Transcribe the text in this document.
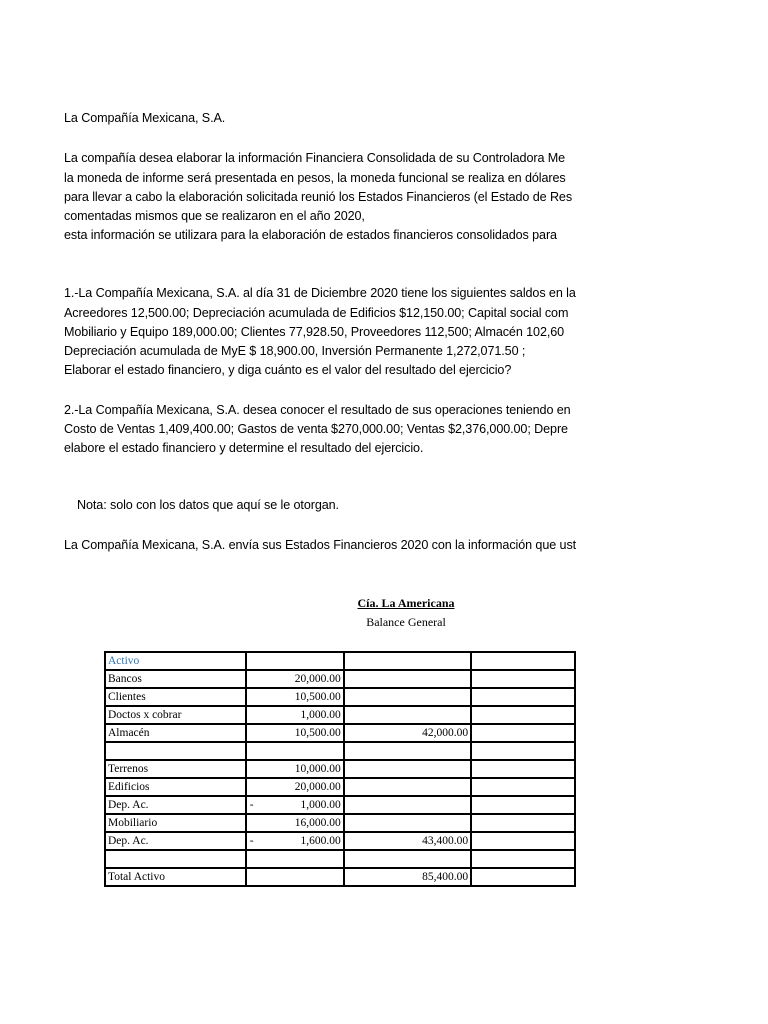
La Compañía Mexicana, S.A.
La compañía desea elaborar la información Financiera Consolidada de su Controladora Me
la moneda de informe será presentada en pesos, la moneda funcional se realiza en dólares
para llevar a cabo la elaboración solicitada reunió los Estados Financieros (el Estado de Res
comentadas mismos que se realizaron en el año 2020,
esta información se utilizara para la elaboración de estados financieros consolidados para
1.-La Compañía Mexicana, S.A. al día 31 de Diciembre 2020 tiene los siguientes saldos en la
Acreedores 12,500.00; Depreciación acumulada de Edificios $12,150.00; Capital social com
Mobiliario y Equipo 189,000.00; Clientes 77,928.50, Proveedores 112,500; Almacén 102,60
Depreciación acumulada de MyE $ 18,900.00, Inversión Permanente 1,272,071.50 ;
Elaborar el estado financiero, y diga cuánto es el valor del resultado del ejercicio?
2.-La Compañía Mexicana, S.A. desea conocer el resultado de sus operaciones teniendo en
Costo de Ventas 1,409,400.00; Gastos de venta $270,000.00; Ventas $2,376,000.00; Depre
elabore el estado financiero y determine el resultado del ejercicio.
Nota: solo con los datos que aquí se le otorgan.
La Compañía Mexicana, S.A. envía sus Estados Financieros 2020 con la información que ust
Cía. La Americana
Balance General
Activo	

Bancos	20,000.00		
Clientes	10,500.00		
Doctos x cobrar	1,000.00		
Almacén	10,500.00	42,000.00	

Terrenos	10,000.00		
Edificios	20,000.00		
Dep. Ac.	- 1,000.00		
Mobiliario	16,000.00		
Dep. Ac.	- 1,600.00	43,400.00	

Total Activo		85,400.00	
